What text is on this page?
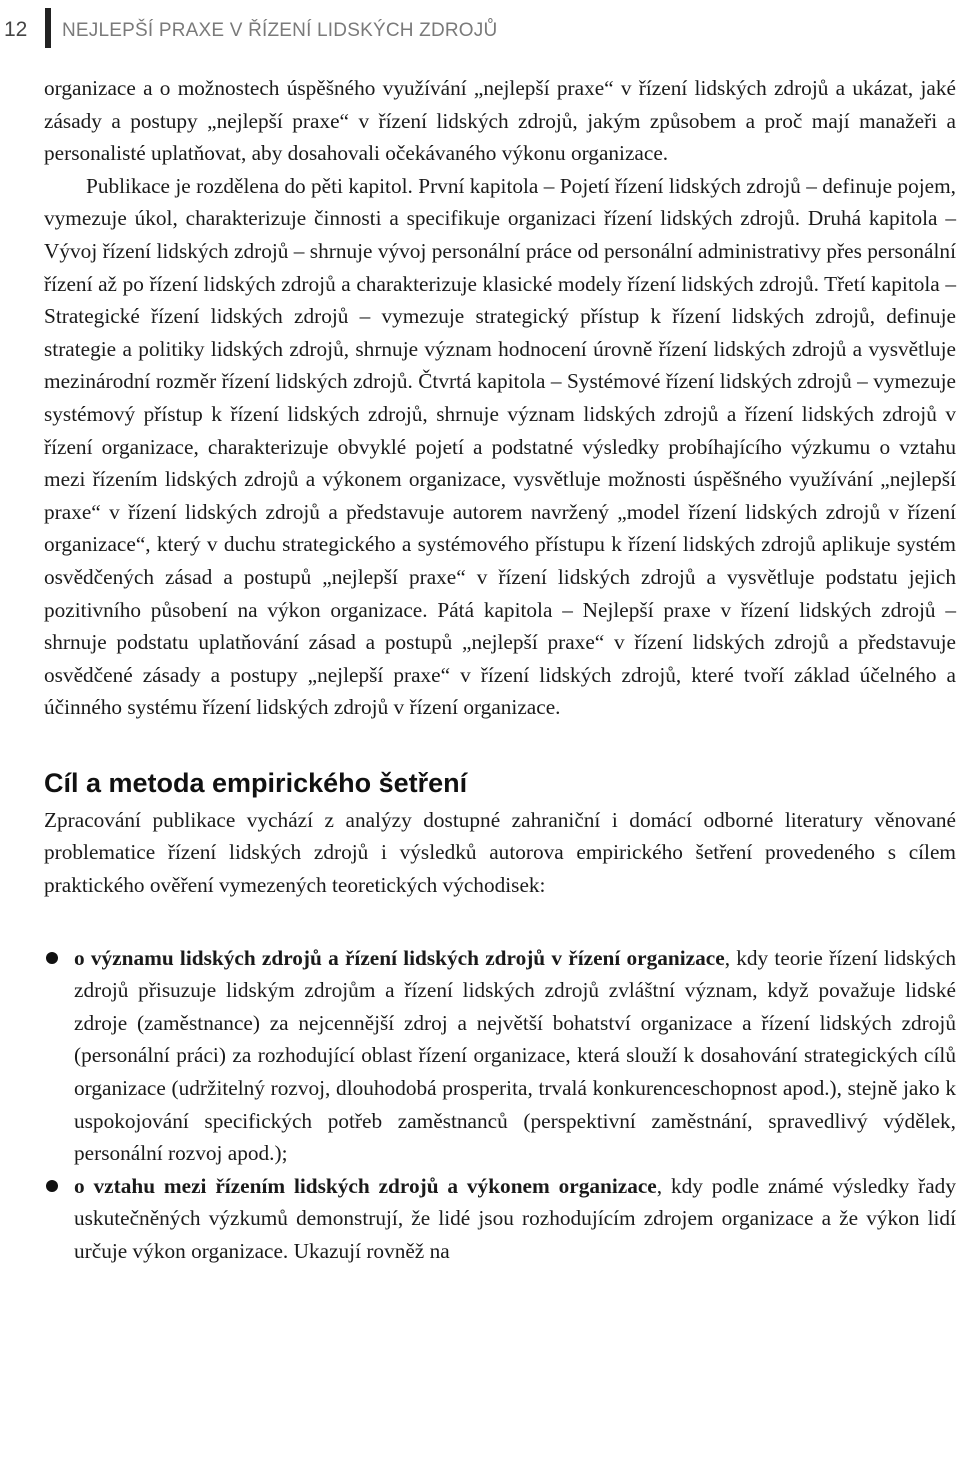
12 NEJLEPŠÍ PRAXE V ŘÍZENÍ LIDSKÝCH ZDROJŮ

organizace a o možnostech úspěšného využívání „nejlepší praxe“ v řízení lidských zdrojů a ukázat, jaké zásady a postupy „nejlepší praxe“ v řízení lidských zdrojů, jakým způsobem a proč mají manažeři a personalisté uplatňovat, aby dosahovali očekávaného výkonu organizace.

Publikace je rozdělena do pěti kapitol. První kapitola – Pojetí řízení lidských zdrojů – definuje pojem, vymezuje úkol, charakterizuje činnosti a specifikuje organizaci řízení lidských zdrojů. Druhá kapitola – Vývoj řízení lidských zdrojů – shrnuje vývoj personální práce od personální administrativy přes personální řízení až po řízení lidských zdrojů a charakterizuje klasické modely řízení lidských zdrojů. Třetí kapitola – Strategické řízení lidských zdrojů – vymezuje strategický přístup k řízení lidských zdrojů, definuje strategie a politiky lidských zdrojů, shrnuje význam hodnocení úrovně řízení lidských zdrojů a vysvětluje mezinárodní rozměr řízení lidských zdrojů. Čtvrtá kapitola – Systémové řízení lidských zdrojů – vymezuje systémový přístup k řízení lidských zdrojů, shrnuje význam lidských zdrojů a řízení lidských zdrojů v řízení organizace, charakterizuje obvyklé pojetí a podstatné výsledky probíhajícího výzkumu o vztahu mezi řízením lidských zdrojů a výkonem organizace, vysvětluje možnosti úspěšného využívání „nejlepší praxe“ v řízení lidských zdrojů a představuje autorem navržený „model řízení lidských zdrojů v řízení organizace“, který v duchu strategického a systémového přístupu k řízení lidských zdrojů aplikuje systém osvědčených zásad a postupů „nejlepší praxe“ v řízení lidských zdrojů a vysvětluje podstatu jejich pozitivního působení na výkon organizace. Pátá kapitola – Nejlepší praxe v řízení lidských zdrojů – shrnuje podstatu uplatňování zásad a postupů „nejlepší praxe“ v řízení lidských zdrojů a představuje osvědčené zásady a postupy „nejlepší praxe“ v řízení lidských zdrojů, které tvoří základ účelného a účinného systému řízení lidských zdrojů v řízení organizace.

Cíl a metoda empirického šetření

Zpracování publikace vychází z analýzy dostupné zahraniční i domácí odborné literatury věnované problematice řízení lidských zdrojů i výsledků autorova empirického šetření provedeného s cílem praktického ověření vymezených teoretických východisek:

o významu lidských zdrojů a řízení lidských zdrojů v řízení organizace, kdy teorie řízení lidských zdrojů přisuzuje lidským zdrojům a řízení lidských zdrojů zvláštní význam, když považuje lidské zdroje (zaměstnance) za nejcennější zdroj a největší bohatství organizace a řízení lidských zdrojů (personální práci) za rozhodující oblast řízení organizace, která slouží k dosahování strategických cílů organizace (udržitelný rozvoj, dlouhodobá prosperita, trvalá konkurenceschopnost apod.), stejně jako k uspokojování specifických potřeb zaměstnanců (perspektivní zaměstnání, spravedlivý výdělek, personální rozvoj apod.);
o vztahu mezi řízením lidských zdrojů a výkonem organizace, kdy podle známé výsledky řady uskutečněných výzkumů demonstrují, že lidé jsou rozhodujícím zdrojem organizace a že výkon lidí určuje výkon organizace. Ukazují rovněž na
